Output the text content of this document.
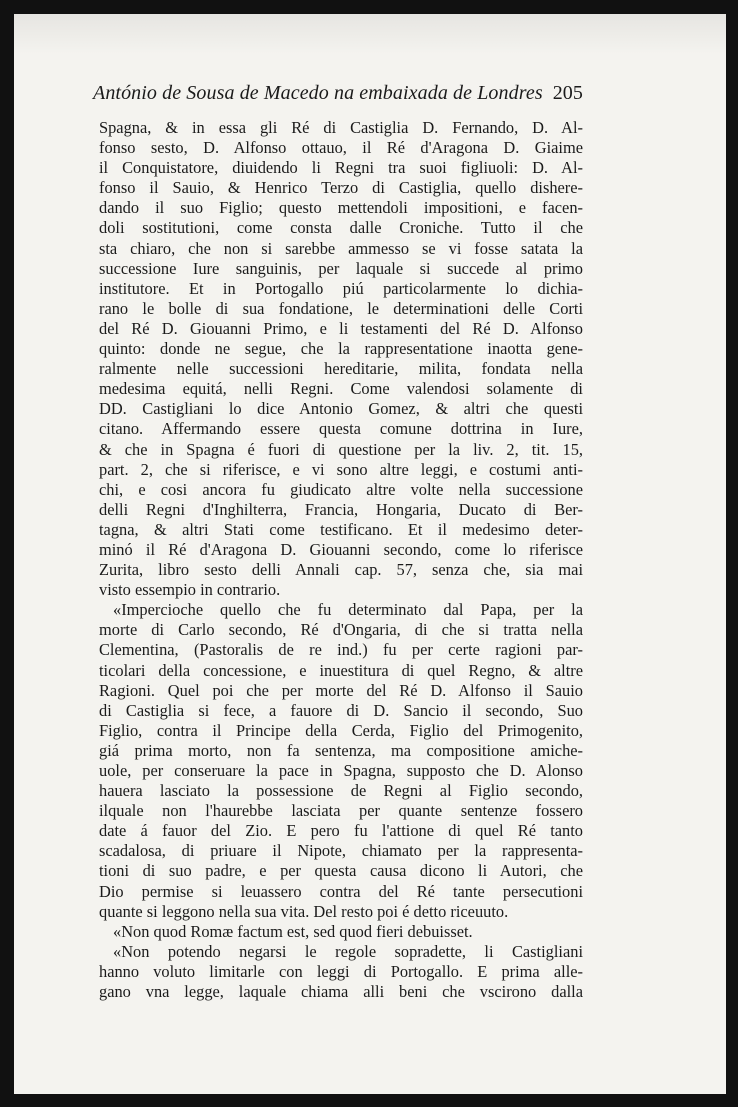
António de Sousa de Macedo na embaixada de Londres 205
Spagna, & in essa gli Ré di Castiglia D. Fernando, D. Al-
fonso sesto, D. Alfonso ottauo, il Ré d'Aragona D. Giaime
il Conquistatore, diuidendo li Regni tra suoi figliuoli: D. Al-
fonso il Sauio, & Henrico Terzo di Castiglia, quello dishere-
dando il suo Figlio; questo mettendoli impositioni, e facen-
doli sostitutioni, come consta dalle Croniche. Tutto il che
sta chiaro, che non si sarebbe ammesso se vi fosse satata la
successione Iure sanguinis, per laquale si succede al primo
institutore. Et in Portogallo piú particolarmente lo dichia-
rano le bolle di sua fondatione, le determinationi delle Corti
del Ré D. Giouanni Primo, e li testamenti del Ré D. Alfonso
quinto: donde ne segue, che la rappresentatione inaotta gene-
ralmente nelle successioni hereditarie, milita, fondata nella
medesima equitá, nelli Regni. Come valendosi solamente di
DD. Castigliani lo dice Antonio Gomez, & altri che questi
citano. Affermando essere questa comune dottrina in Iure,
& che in Spagna é fuori di questione per la liv. 2, tit. 15,
part. 2, che si riferisce, e vi sono altre leggi, e costumi anti-
chi, e cosi ancora fu giudicato altre volte nella successione
delli Regni d'Inghilterra, Francia, Hongaria, Ducato di Ber-
tagna, & altri Stati come testificano. Et il medesimo deter-
minó il Ré d'Aragona D. Giouanni secondo, come lo riferisce
Zurita, libro sesto delli Annali cap. 57, senza che, sia mai
visto essempio in contrario.
«Impercioche quello che fu determinato dal Papa, per la
morte di Carlo secondo, Ré d'Ongaria, di che si tratta nella
Clementina, (Pastoralis de re ind.) fu per certe ragioni par-
ticolari della concessione, e inuestitura di quel Regno, & altre
Ragioni. Quel poi che per morte del Ré D. Alfonso il Sauio
di Castiglia si fece, a fauore di D. Sancio il secondo, Suo
Figlio, contra il Principe della Cerda, Figlio del Primogenito,
giá prima morto, non fa sentenza, ma compositione amiche-
uole, per conseruare la pace in Spagna, supposto che D. Alonso
hauera lasciato la possessione de Regni al Figlio secondo,
ilquale non l'haurebbe lasciata per quante sentenze fossero
date á fauor del Zio. E pero fu l'attione di quel Ré tanto
scadalosa, di priuare il Nipote, chiamato per la rappresenta-
tioni di suo padre, e per questa causa dicono li Autori, che
Dio permise si leuassero contra del Ré tante persecutioni
quante si leggono nella sua vita. Del resto poi é detto riceuuto.
«Non quod Romæ factum est, sed quod fieri debuisset.
«Non potendo negarsi le regole sopradette, li Castigliani
hanno voluto limitarle con leggi di Portogallo. E prima alle-
gano vna legge, laquale chiama alli beni che vscirono dalla
